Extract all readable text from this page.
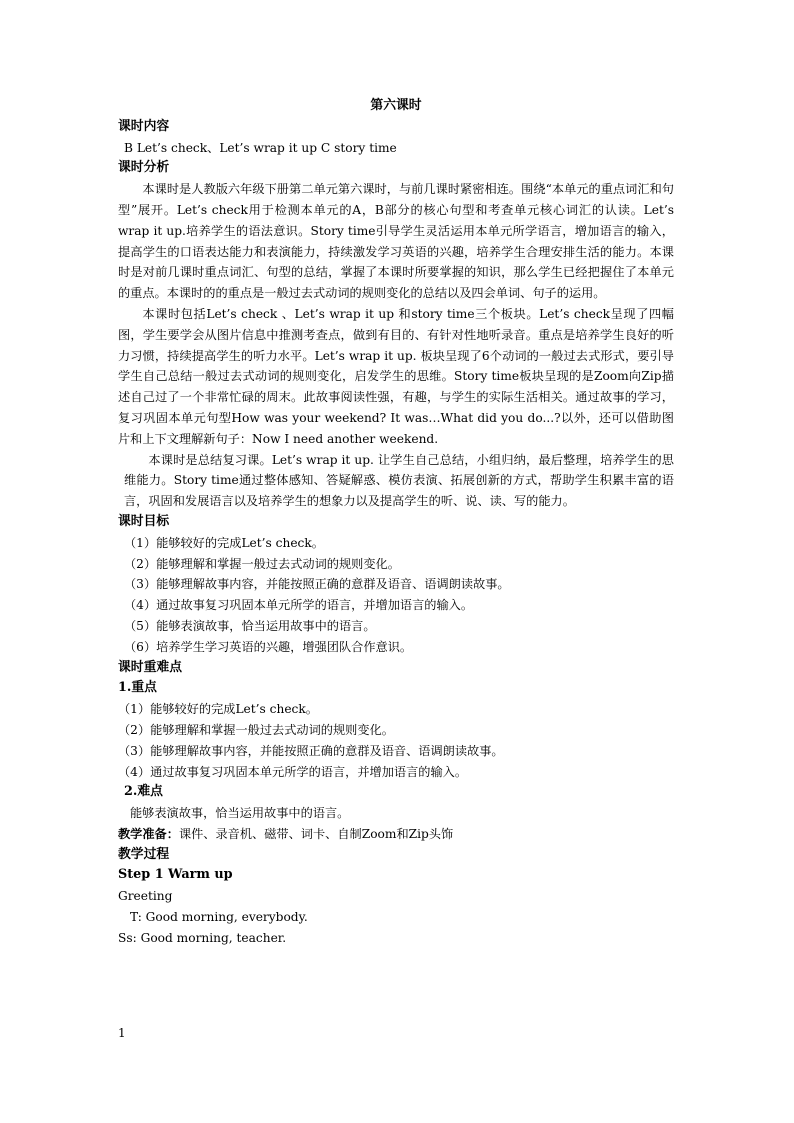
第六课时

课时内容

B Let’s check、Let’s wrap it up C story time

课时分析

本课时是人教版六年级下册第二单元第六课时，与前几课时紧密相连。围绕“本单元的重点词汇和句型”展开。Let’s check用于检测本单元的A，B部分的核心句型和考查单元核心词汇的认读。Let’s wrap it up.培养学生的语法意识。Story time引导学生灵活运用本单元所学语言，增加语言的输入，提高学生的口语表达能力和表演能力，持续激发学习英语的兴趣，培养学生合理安排生活的能力。本课时是对前几课时重点词汇、句型的总结，掌握了本课时所要掌握的知识，那么学生已经把握住了本单元的重点。本课时的的重点是一般过去式动词的规则变化的总结以及四会单词、句子的运用。

本课时包括Let’s check 、Let’s wrap it up 和story time三个板块。Let’s check呈现了四幅图，学生要学会从图片信息中推测考查点，做到有目的、有针对性地听录音。重点是培养学生良好的听力习惯，持续提高学生的听力水平。Let’s wrap it up. 板块呈现了6个动词的一般过去式形式，要引导学生自己总结一般过去式动词的规则变化，启发学生的思维。Story time板块呈现的是Zoom向Zip描述自己过了一个非常忙碌的周末。此故事阅读性强，有趣，与学生的实际生活相关。通过故事的学习，复习巩固本单元句型How was your weekend? It was…What did you do...?以外，还可以借助图片和上下文理解新句子：Now I need another weekend.

本课时是总结复习课。Let’s wrap it up. 让学生自己总结，小组归纳，最后整理，培养学生的思维能力。Story time通过整体感知、答疑解惑、模仿表演、拓展创新的方式，帮助学生积累丰富的语言，巩固和发展语言以及培养学生的想象力以及提高学生的听、说、读、写的能力。

课时目标

（1）能够较好的完成Let’s check。
（2）能够理解和掌握一般过去式动词的规则变化。
（3）能够理解故事内容，并能按照正确的意群及语音、语调朗读故事。
（4）通过故事复习巩固本单元所学的语言，并增加语言的输入。
（5）能够表演故事，恰当运用故事中的语言。
（6）培养学生学习英语的兴趣，增强团队合作意识。

课时重难点

1.重点

（1）能够较好的完成Let’s check。
（2）能够理解和掌握一般过去式动词的规则变化。
（3）能够理解故事内容，并能按照正确的意群及语音、语调朗读故事。
（4）通过故事复习巩固本单元所学的语言，并增加语言的输入。

2.难点

能够表演故事，恰当运用故事中的语言。

教学准备：课件、录音机、磁带、词卡、自制Zoom和Zip头饰

教学过程

Step 1 Warm up

Greeting

T: Good morning, everybody.

Ss: Good morning, teacher.

1
